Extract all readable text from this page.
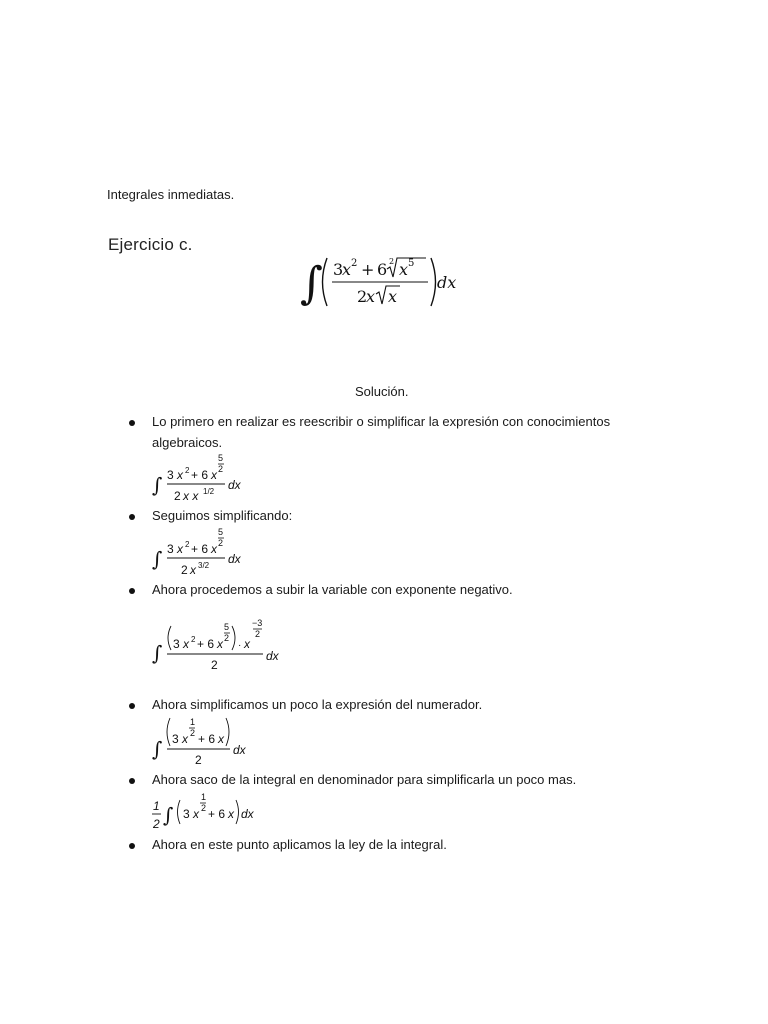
Integrales inmediatas.
Ejercicio c.
∫ 3
x 2 + 6 2 x 5
2
x x
dx
Solución.
Lo primero en realizar es reescribir o simplificar la expresión con conocimientos
algebraicos.
∫ 3 x 2 + 6 x
5
2
2 x x 1/2 dx
Seguimos simplificando:
∫ 3 x 2 + 6 x
5
2
2 x 3/2 dx
Ahora procedemos a subir la variable con exponente negativo.
∫ 3 x 2 + 6 x
5
2
· x
−3
2
2
dx
Ahora simplificamos un poco la expresión del numerador.
∫ 3 x
1
2 + 6 x
2
dx
Ahora saco de la integral en denominador para simplificarla un poco mas.
1
2 ∫ 3 x
1
2 + 6 x dx
Ahora en este punto aplicamos la ley de la integral.
